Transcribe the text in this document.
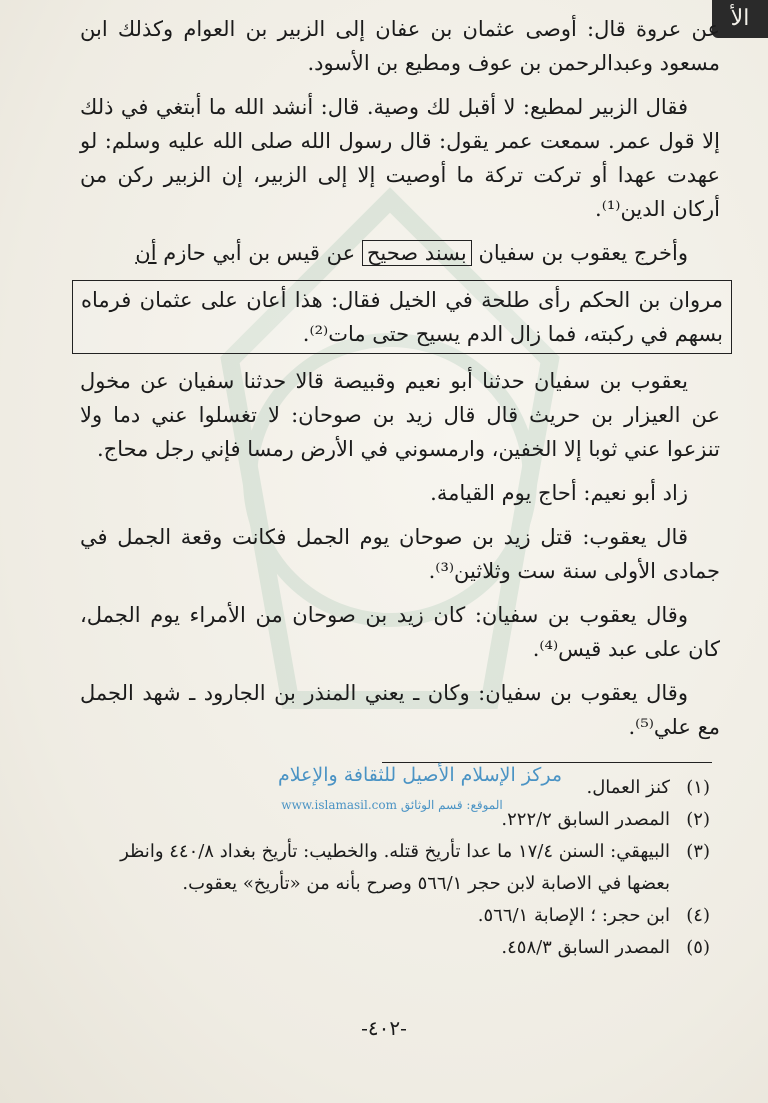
الأ

عن عروة قال: أوصى عثمان بن عفان إلى الزبير بن العوام وكذلك ابن مسعود وعبدالرحمن بن عوف ومطيع بن الأسود.

فقال الزبير لمطيع: لا أقبل لك وصية. قال: أنشد الله ما أبتغي في ذلك إلا قول عمر. سمعت عمر يقول: قال رسول الله صلى الله عليه وسلم: لو عهدت عهدا أو تركت تركة ما أوصيت إلا إلى الزبير، إن الزبير ركن من أركان الدين⁽¹⁾.

وأخرج يعقوب بن سفيان بسند صحيح عن قيس بن أبي حازم أن

مروان بن الحكم رأى طلحة في الخيل فقال: هذا أعان على عثمان فرماه بسهم في ركبته، فما زال الدم يسيح حتى مات⁽²⁾.

يعقوب بن سفيان حدثنا أبو نعيم وقبيصة قالا حدثنا سفيان عن مخول عن العيزار بن حريث قال قال زيد بن صوحان: لا تغسلوا عني دما ولا تنزعوا عني ثوبا إلا الخفين، وارمسوني في الأرض رمسا فإني رجل محاج.

زاد أبو نعيم: أحاج يوم القيامة.

قال يعقوب: قتل زيد بن صوحان يوم الجمل فكانت وقعة الجمل في جمادى الأولى سنة ست وثلاثين⁽³⁾.

وقال يعقوب بن سفيان: كان زيد بن صوحان من الأمراء يوم الجمل، كان على عبد قيس⁽⁴⁾.

وقال يعقوب بن سفيان: وكان ـ يعني المنذر بن الجارود ـ شهد الجمل مع علي⁽⁵⁾.

مركز الإسلام الأصيل للثقافة والإعلام
www.islamasil.com الموقع: قسم الوثائق
(١)
كنز العمال.
(٢)
المصدر السابق ٢٢٢/٢.
(٣)
البيهقي: السنن ١٧/٤ ما عدا تأريخ قتله. والخطيب: تأريخ بغداد ٤٤٠/٨ وانظر بعضها في الاصابة لابن حجر ٥٦٦/١ وصرح بأنه من «تأريخ» يعقوب.
(٤)
ابن حجر: ؛ الإصابة ٥٦٦/١.
(٥)
المصدر السابق ٤٥٨/٣.
-٤٠٢-
